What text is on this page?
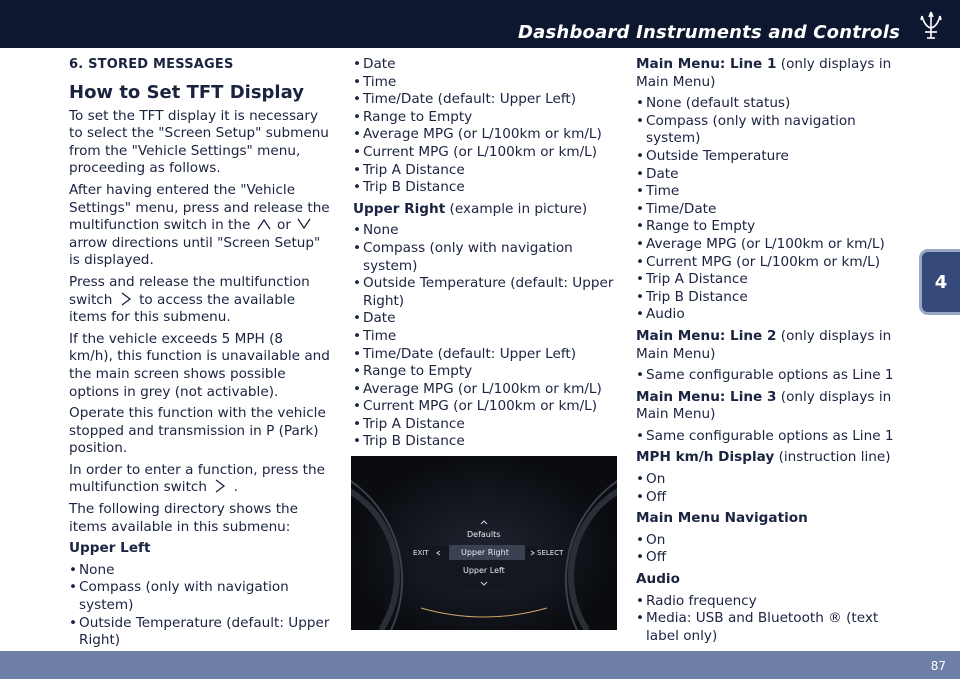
Dashboard Instruments and Controls
4
6. STORED MESSAGES
How to Set TFT Display

To set the TFT display it is necessary to select the "Screen Setup" submenu from the "Vehicle Settings" menu, proceeding as follows.

After having entered the "Vehicle Settings" menu, press and release the multifunction switch in the or  arrow directions until "Screen Setup" is displayed.

Press and release the multifunction switch to access the available items for this submenu.

If the vehicle exceeds 5 MPH (8 km/h), this function is unavailable and the main screen shows possible options in grey (not activable).

Operate this function with the vehicle stopped and transmission in P (Park) position.

In order to enter a function, press the multifunction switch .

The following directory shows the items available in this submenu:

Upper Left

• None
• Compass (only with navigation system)
• Outside Temperature (default: Upper Right)
• Date
• Time
• Time/Date (default: Upper Left)
• Range to Empty
• Average MPG (or L/100km or km/L)
• Current MPG (or L/100km or km/L)
• Trip A Distance
• Trip B Distance

Upper Right (example in picture)

• None
• Compass (only with navigation system)
• Outside Temperature (default: Upper Right)
• Date
• Time
• Time/Date (default: Upper Left)
• Range to Empty
• Average MPG (or L/100km or km/L)
• Current MPG (or L/100km or km/L)
• Trip A Distance
• Trip B Distance
Defaults
EXIT	Upper Right	SELECT
Upper Left

Main Menu: Line 1 (only displays in Main Menu)

• None (default status)
• Compass (only with navigation system)
• Outside Temperature
• Date
• Time
• Time/Date
• Range to Empty
• Average MPG (or L/100km or km/L)
• Current MPG (or L/100km or km/L)
• Trip A Distance
• Trip B Distance
• Audio

Main Menu: Line 2 (only displays in Main Menu)

• Same configurable options as Line 1

Main Menu: Line 3 (only displays in Main Menu)

• Same configurable options as Line 1

MPH km/h Display (instruction line)

• On
• Off

Main Menu Navigation

• On
• Off

Audio

• Radio frequency
• Media: USB and Bluetooth ® (text label only)
87
